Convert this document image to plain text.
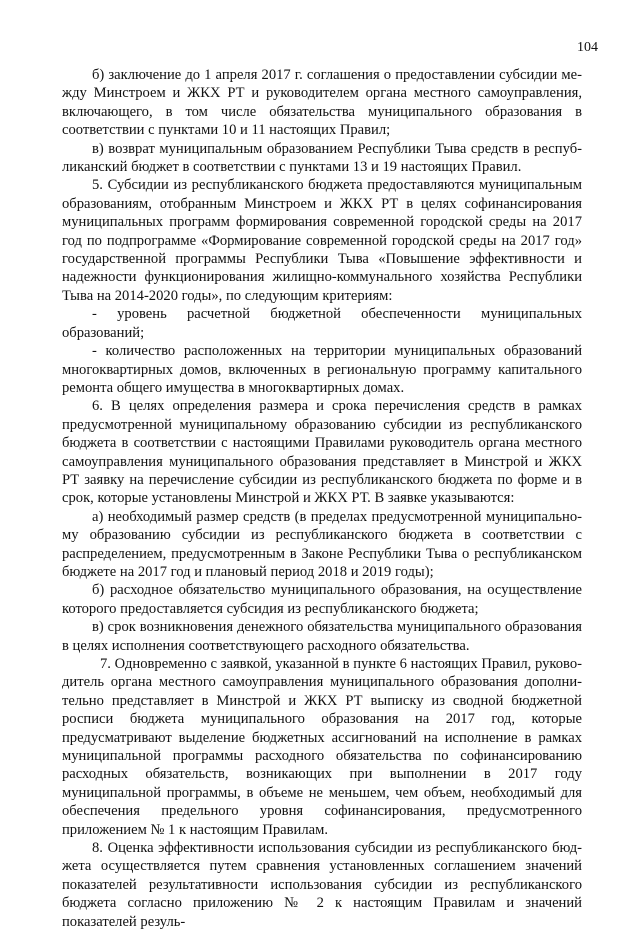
104

б) заключение до 1 апреля 2017 г. соглашения о предоставлении субсидии между Минстроем и ЖКХ РТ и руководителем органа местного самоуправления, включающего, в том числе обязательства муниципального образования в соответствии с пунктами 10 и 11 настоящих Правил;

в) возврат муниципальным образованием Республики Тыва средств в республиканский бюджет в соответствии с пунктами 13 и 19 настоящих Правил.

5. Субсидии из республиканского бюджета предоставляются муниципальным образованиям, отобранным Минстроем и ЖКХ РТ в целях софинансирования муниципальных программ формирования современной городской среды на 2017 год по подпрограмме «Формирование современной городской среды на 2017 год» государственной программы Республики Тыва «Повышение эффективности и надежности функционирования жилищно-коммунального хозяйства Республики Тыва на 2014-2020 годы», по следующим критериям:

- уровень расчетной бюджетной обеспеченности муниципальных образований;

- количество расположенных на территории муниципальных образований многоквартирных домов, включенных в региональную программу капитального ремонта общего имущества в многоквартирных домах.

6. В целях определения размера и срока перечисления средств в рамках предусмотренной муниципальному образованию субсидии из республиканского бюджета в соответствии с настоящими Правилами руководитель органа местного самоуправления муниципального образования представляет в Минстрой и ЖКХ РТ заявку на перечисление субсидии из республиканского бюджета по форме и в срок, которые установлены Минстрой и ЖКХ РТ. В заявке указываются:

а) необходимый размер средств (в пределах предусмотренной муниципальному образованию субсидии из республиканского бюджета в соответствии с распределением, предусмотренным в Законе Республики Тыва о республиканском бюджете на 2017 год и плановый период 2018 и 2019 годы);

б) расходное обязательство муниципального образования, на осуществление которого предоставляется субсидия из республиканского бюджета;

в) срок возникновения денежного обязательства муниципального образования в целях исполнения соответствующего расходного обязательства.

7. Одновременно с заявкой, указанной в пункте 6 настоящих Правил, руководитель органа местного самоуправления муниципального образования дополнительно представляет в Минстрой и ЖКХ РТ выписку из сводной бюджетной росписи бюджета муниципального образования на 2017 год, которые предусматривают выделение бюджетных ассигнований на исполнение в рамках муниципальной программы расходного обязательства по софинансированию расходных обязательств, возникающих при выполнении в 2017 году муниципальной программы, в объеме не меньшем, чем объем, необходимый для обеспечения предельного уровня софинансирования, предусмотренного приложением № 1 к настоящим Правилам.

8. Оценка эффективности использования субсидии из республиканского бюджета осуществляется путем сравнения установленных соглашением значений показателей результативности использования субсидии из республиканского бюджета согласно приложению № 2 к настоящим Правилам и значений показателей резуль-
